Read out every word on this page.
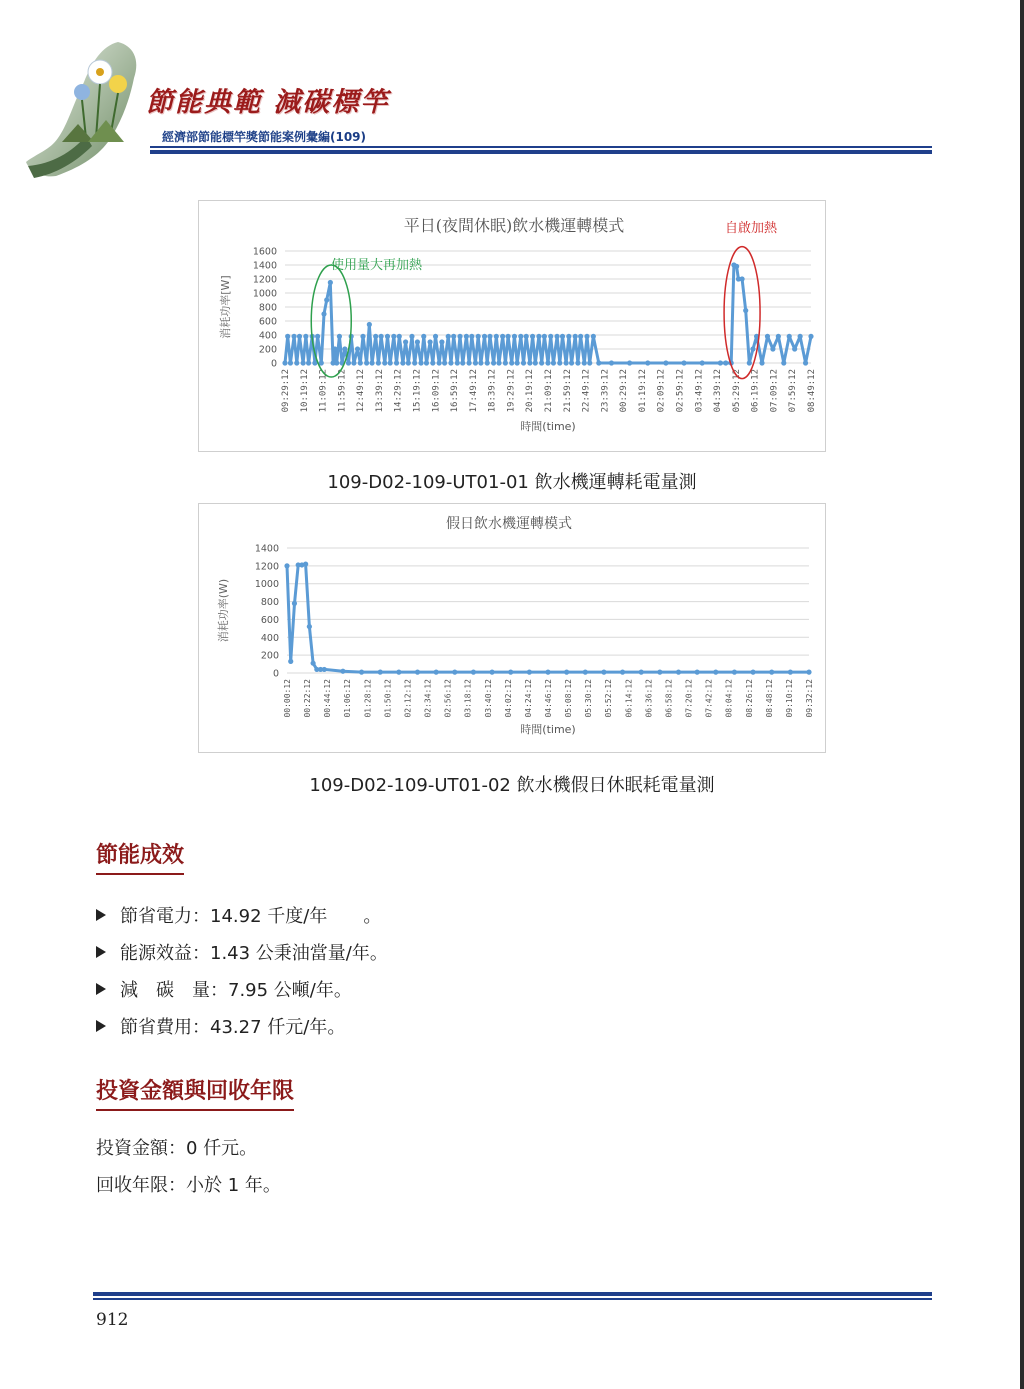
節能典範 減碳標竿
經濟部節能標竿獎節能案例彙編(109)
平日(夜間休眠)飲水機運轉模式
0
200
400
600
800
1000
1200
1400
1600
09:29:12 10:19:12 11:09:12 11:59:12 12:49:12 13:39:12 14:29:12 15:19:12 16:09:12 16:59:12 17:49:12 18:39:12 19:29:12 20:19:12 21:09:12 21:59:12 22:49:12 23:39:12 00:29:12 01:19:12 02:09:12 02:59:12 03:49:12 04:39:12 05:29:12 06:19:12 07:09:12 07:59:12 08:49:12
消耗功率[W]
時間(time)
使用量大再加熱
自啟加熱
109-D02-109-UT01-01 飲水機運轉耗電量測
假日飲水機運轉模式
0
200
400
600
800
1000
1200
1400
00:00:12 00:22:12 00:44:12 01:06:12 01:28:12 01:50:12 02:12:12 02:34:12 02:56:12 03:18:12 03:40:12 04:02:12 04:24:12 04:46:12 05:08:12 05:30:12 05:52:12 06:14:12 06:36:12 06:58:12 07:20:12 07:42:12 08:04:12 08:26:12 08:48:12 09:10:12 09:32:12
消耗功率(W)
時間(time)
109-D02-109-UT01-02 飲水機假日休眠耗電量測
節能成效
節省電力：14.92 千度/年　　。
能源效益：1.43 公秉油當量/年。
減　碳　量：7.95 公噸/年。
節省費用：43.27 仟元/年。
投資金額與回收年限
投資金額：0 仟元。
回收年限：小於 1 年。
912
